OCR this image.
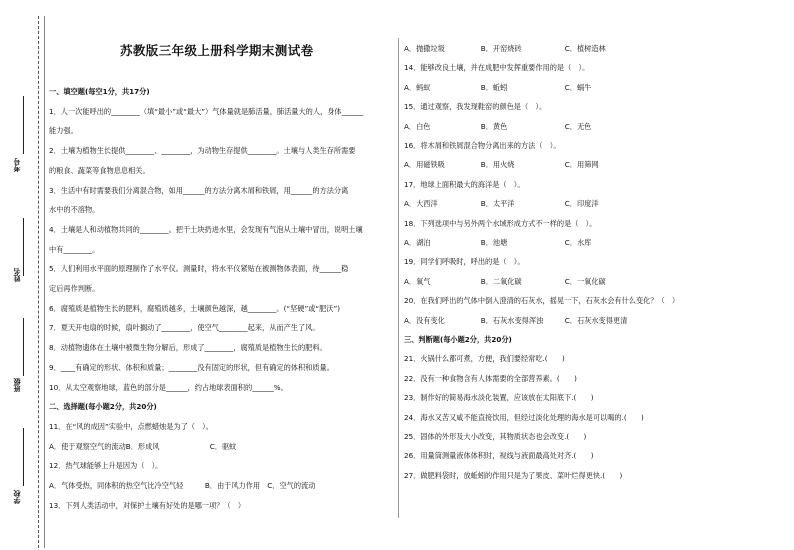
考号
姓名
班级
学校
苏教版三年级上册科学期末测试卷
一、填空题(每空1分，共17分)
1．人一次能呼出的________（填“最小”或“最大”）气体量就是肺活量，肺活量大的人，身体______
能力强。
2．土壤为植物生长提供________、________，为动物生存提供________。土壤与人类生存所需要
的粮食、蔬菜等食物息息相关。
3．生活中有时需要我们分离混合物，如用______的方法分离木屑和铁屑，用______的方法分离
水中的不溶物。
4．土壤是人和动植物共同的________。把干土块扔进水里，会发现有气泡从土壤中冒出，说明土壤
中有________。
5．人们利用水平面的原理制作了水平仪。测量时，将水平仪紧贴在被测物体表面，待______稳
定后再作判断。
6．腐殖质是植物生长的肥料，腐殖质越多，土壤颜色越深，越________。(“坚硬”或“肥沃”)
7．夏天开电扇的时候，扇叶搁动了________，使空气________起来，从而产生了风。
8．动植物遗体在土壤中被微生物分解后，形成了________，腐殖质是植物生长的肥料。
9．____有确定的形状、体积和质量；________没有固定的形状，但有确定的体积和质量。
10．从太空观察地球，蓝色的部分是______，约占地球表面积的______%。
二、选择题(每小题2分，共20分)
11．在“风的成因”实验中，点燃蜡烛是为了（　）。
A．使于观察空气的流动B．形成风　　　　　　　C．驱蚊
12．热气球能够上升是因为（　）。
A．气体受热，同体积的热空气比冷空气轻　　　B．由于风力作用　C．空气的流动
13．下列人类活动中，对保护土壤有好处的是哪一项？（　）
A．抛撒垃圾　　　　　B．开窑烧砖　　　　　　C．植树造林
14．能够改良土壤，并在成肥中发挥重要作用的是（　）。
A．蚂蚁　　　　　　　B．蚯蚓　　　　　　　　C．蜗牛
15．通过观察，我发现鞋窑的颜色是（　）。
A．白色　　　　　　　B．黄色　　　　　　　　C．无色
16．将木屑和铁屑混合物分离出来的方法（　）。
A．用磁铁吸　　　　　B．用火烧　　　　　　　C．用筛网
17．地球上面积最大的海洋是（　）。
A．大西洋　　　　　　B．太平洋　　　　　　　C．印度洋
18．下列选项中与另外两个水域形成方式不一样的是（　）。
A．湖泊　　　　　　　B．池塘　　　　　　　　C．水库
19．同学们呼吸时，呼出的是（　）。
A．氧气　　　　　　　B．二氧化碳　　　　　　C．一氧化碳
20．在我们呼出的气体中倒入澄清的石灰水，摇晃一下，石灰水会有什么变化？（　）
A．没有变化　　　　　B．石灰水变得浑浊　　　C．石灰水变得更清
三、判断题(每小题2分，共20分)
21．火锅什么都可煮，方便，我们要经常吃.(　　)
22．没有一种食物含有人体需要的全部营养素。(　　)
23．制作好的简易海水淡化装置，应该放在太阳底下.(　　)
24．海水又苦又咸不能直接饮用，但经过淡化处理的海水是可以喝的.(　　)
25．固体的外形及大小改变，其物质状态也会改变.(　　)
26．用量筒测量液体体积时，视线与液面最高处对齐.(　　)
27．做肥料袋时，放蚯蚓的作用只是为了果皮、菜叶烂得更快.(　　)
